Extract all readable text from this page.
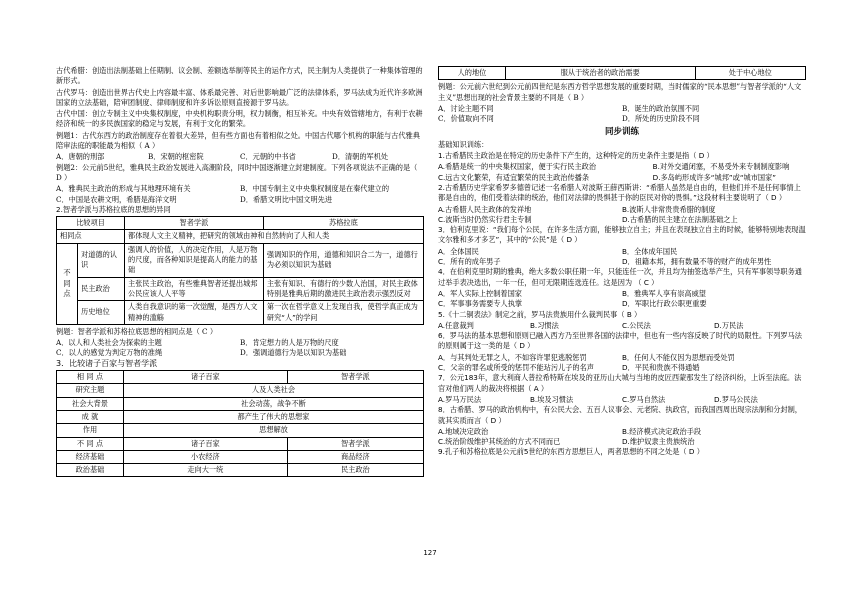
古代希腊：创造出法制基础上任期制、议会制、差额选举制等民主的运作方式，民主制为人类提供了一种集体管理的新形式。

古代罗马：创造出世界古代史上内容最丰富、体系最完善、对后世影响最广泛的法律体系，罗马法成为近代许多欧洲国家的立法基础，陪审团制度、律师制度和许多诉讼原则直接源于罗马法。

古代中国：创立专制主义中央集权制度，中央机构职责分明，权力制衡，相互补充。中央有效管辖地方，有利于农耕经济和统一的多民族国家的稳定与发展，有利于文化的繁荣。

例题1：古代东西方的政治制度存在着很大差异，但有些方面也有着相似之处。中国古代哪个机构的职能与古代雅典陪审法庭的职能最为相似（ A ）

A．唐朝的刑部	B．宋朝的枢密院	C．元朝的中书省	D．清朝的军机处

例题2：公元前5世纪，雅典民主政治发展进入高潮阶段，同时中国逐渐建立封建制度。下列各项说法不正确的是（ D ）

A．雅典民主政治的形成与其地理环境有关	B．中国专制主义中央集权制度是在秦代建立的
C．中国是农耕文明，希腊是海洋文明	D．希腊文明比中国文明先进

2.智者学派与苏格拉底的思想的异同

比较项目		智者学派	苏格拉底
相同点		都体现人文主义精神，把研究的领域由神和自然转向了人和人类	
不同点	对道德的认识	强调人的价值，人的决定作用，人是万物的尺度，而各种知识是提高人的能力的基础	强调知识的作用，道德和知识合二为一，道德行为必须以知识为基础
	民主政治	主张民主政治，有些雅典智者还提出城邦公民应该人人平等	主张有知识、有德行的少数人治国，对民主政体特别是雅典后期的激进民主政治表示强烈反对
	历史地位	人类自我意识的第一次觉醒，是西方人文精神的滥觞	第一次在哲学意义上发现自我，使哲学真正成为研究“人”的学问

例题：智者学派和苏格拉底思想的相同点是（ C ）

A．以人和人类社会为探索的主题	B．肯定想力的人是万物的尺度
C．以人的感觉为判定万物的准绳	D．强调道德行为是以知识为基础

3．比较诸子百家与智者学派

相 同 点	诸子百家	智者学派
研究主题	人及人类社会	
社会大背景	社会动荡，战争不断	
成 就	都产生了伟大的思想家	
作用	思想解放	
不 同 点	诸子百家	智者学派
经济基础	小农经济	商品经济
政治基础	走向大一统	民主政治
人的地位	服从于统治者的政治需要	处于中心地位

例题：公元前六世纪到公元前四世纪是东西方哲学思想发展的重要时期，当时儒家的“民本思想”与智者学派的“人文主义”思想出现的社会背景主要的不同是（ B ）

A．讨论主题不同	B．诞生的政治氛围不同
C．价值取向不同	D．所处的历史阶段不同
同步训练

基础知识训练：

1.古希腊民主政治是在特定的历史条件下产生的，这种特定的历史条件主要是指（ D ）

A.希腊是统一的中央集权国家，便于实行民主政治	B.对外交通闭塞，不易受外来专制制度影响
C.远古文化繁荣，有适宜繁荣的民主政治传播条	D.多岛屿形成许多“城邦”或“城市国家”

2.古希腊历史学家希罗多德曾记述一名希腊人对波斯王薛西斯讲：“希腊人虽然是自由的，但他们并不是任何事情上都是自由的，他们受着法律的统治，他们对法律的畏惧甚于你的臣民对你的畏惧。”这段材料主要说明了（ D ）

A.古希腊人民主政体的发祥地	B.波斯人非常贵贵希腊的制度
C.波斯当时仍然实行君主专制	D.古希腊的民主建立在法制基础之上

3．伯利克里说：“我们每个公民，在许多生活方面，能够独立自主；并且在表现独立自主的时候，能够特别地表现温文尔雅和多才多艺”，其中的“公民”是（ D ）

A．全体国民	B．全体成年国民
C．所有的成年男子	D．祖籍本邦，拥有数量不等的财产的成年男性

4．在伯利克里时期的雅典，绝大多数公职任期一年，只能连任一次，并且均为抽签选举产生，只有军事领导职务通过举手表决选出，一年一任，但可无限期连选连任。这是因为 （ C ）

A．军人实际上控制着国家	B．雅典军人享有崇高威望
C．军事事务需要专人执掌	D．军职比行政公职更重要

5.《十二铜表法》制定之前，罗马法贵族用什么裁判民事（ B ）

A.任意裁判	B.习惯法	C.公民法	D.万民法

6．罗马法的基本思想和原则已融入西方乃至世界各国的法律中，但也有一些内容反映了时代的局限性。下列罗马法的原则属于这一类的是（ D ）

A．与其判处无罪之人，不如容许罪犯逃脱惩罚	B．任何人不能仅因为思想而受处罚
C．父亲的罪名或所受的惩罚不能玷污儿子的名声	D．平民和贵族不得通婚

7．公元183年，意大利商人普拉希特斯在埃及的亚历山大城与当地的皮匠西蒙那发生了经济纠纷，上诉至法庭。法官对他们两人的裁决将根据（ A ）

A.罗马万民法	B.埃及习惯法	C.罗马自然法	D.罗马公民法

8．古希腊、罗马的政治机构中，有公民大会、五百人议事会、元老院、执政官，而我国西周出现宗法制和分封制，就其实质而言（ D ）

A.地域决定政治	B.经济模式决定政治手段
C.统治阶级维护其统治的方式不同而已	D.维护奴隶主贵族统治

9.孔子和苏格拉底是公元前5世纪的东西方思想巨人，两者思想的不同之处是（ D ）

127
